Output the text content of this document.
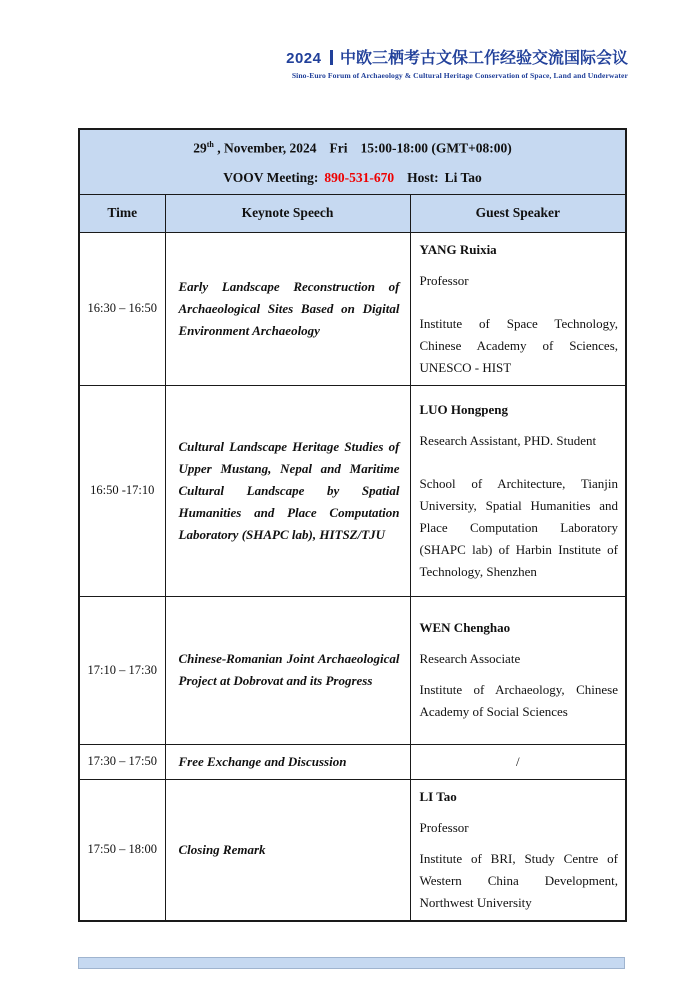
2024 中欧三栖考古文保工作经验交流国际会议
Sino-Euro Forum of Archaeology & Cultural Heritage Conservation of Space, Land and Underwater
29th , November, 2024 Fri 15:00-18:00 (GMT+08:00)
VOOV Meeting: 890-531-670 Host: Li Tao		

Time	Keynote Speech	Guest Speaker
16:30 – 16:50	Early Landscape Reconstruction of Archaeological Sites Based on Digital Environment Archaeology	YANG Ruixia

Professor

Institute of Space Technology, Chinese Academy of Sciences, UNESCO - HIST

16:50 -17:10	Cultural Landscape Heritage Studies of Upper Mustang, Nepal and Maritime Cultural Landscape by Spatial Humanities and Place Computation Laboratory (SHAPC lab), HITSZ/TJU	LUO Hongpeng

Research Assistant, PHD. Student

School of Architecture, Tianjin University, Spatial Humanities and Place Computation Laboratory (SHAPC lab) of Harbin Institute of Technology, Shenzhen

17:10 – 17:30	Chinese-Romanian Joint Archaeological Project at Dobrovat and its Progress	WEN Chenghao

Research Associate

Institute of Archaeology, Chinese Academy of Social Sciences

17:30 – 17:50	Free Exchange and Discussion	/
17:50 – 18:00	Closing Remark	LI Tao

Professor

Institute of BRI, Study Centre of Western China Development, Northwest University
